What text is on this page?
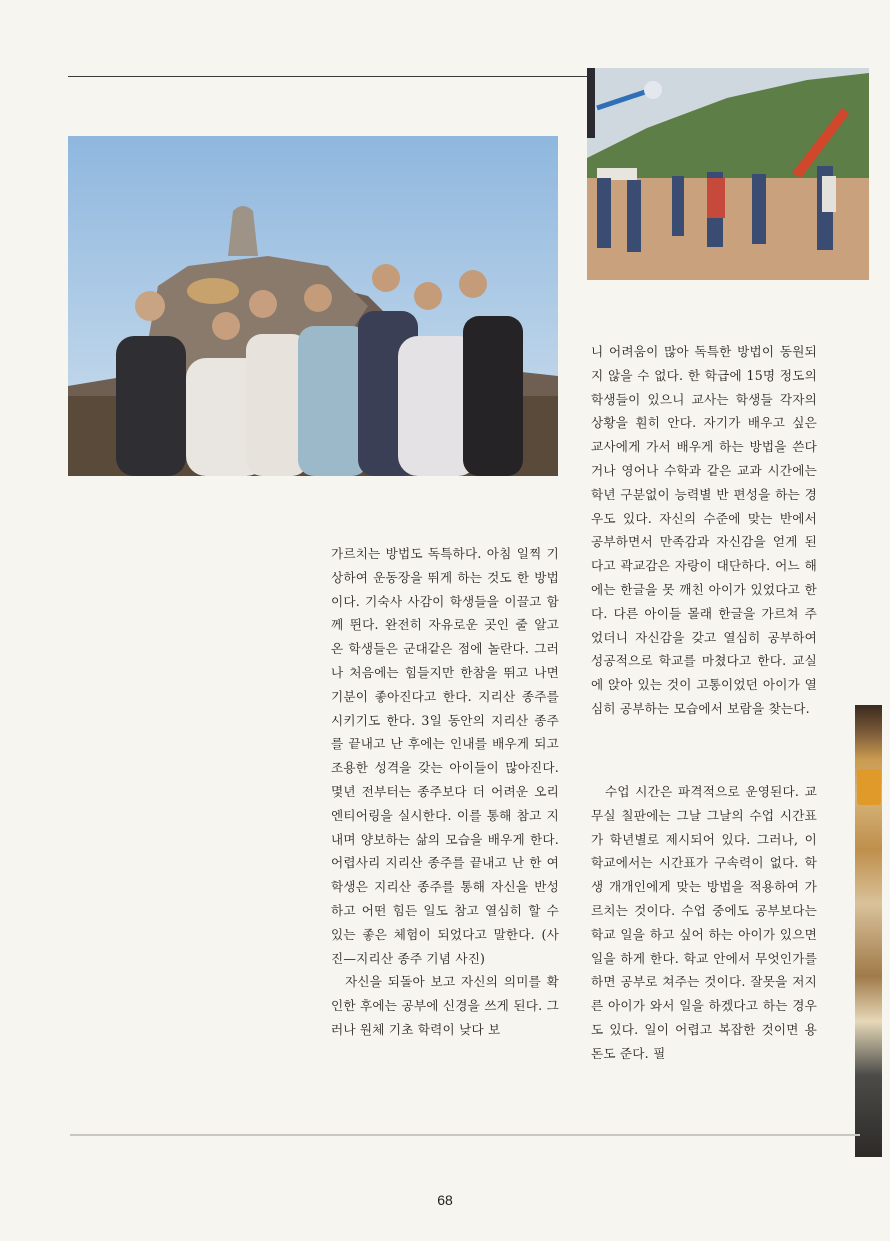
가르치는 방법도 독특하다. 아침 일찍 기상하여 운동장을 뛰게 하는 것도 한 방법이다. 기숙사 사감이 학생들을 이끌고 함께 뛴다. 완전히 자유로운 곳인 줄 알고 온 학생들은 군대같은 점에 놀란다. 그러나 처음에는 힘들지만 한참을 뛰고 나면 기분이 좋아진다고 한다. 지리산 종주를 시키기도 한다. 3일 동안의 지리산 종주를 끝내고 난 후에는 인내를 배우게 되고 조용한 성격을 갖는 아이들이 많아진다. 몇년 전부터는 종주보다 더 어려운 오리엔티어링을 실시한다. 이를 통해 참고 지내며 양보하는 삶의 모습을 배우게 한다. 어렵사리 지리산 종주를 끝내고 난 한 여학생은 지리산 종주를 통해 자신을 반성하고 어떤 힘든 일도 참고 열심히 할 수 있는 좋은 체험이 되었다고 말한다. (사진—지리산 종주 기념 사진)

자신을 되돌아 보고 자신의 의미를 확인한 후에는 공부에 신경을 쓰게 된다. 그러나 원체 기초 학력이 낮다 보

니 어려움이 많아 독특한 방법이 동원되지 않을 수 없다. 한 학급에 15명 정도의 학생들이 있으니 교사는 학생들 각자의 상황을 훤히 안다. 자기가 배우고 싶은 교사에게 가서 배우게 하는 방법을 쓴다거나 영어나 수학과 같은 교과 시간에는 학년 구분없이 능력별 반 편성을 하는 경우도 있다. 자신의 수준에 맞는 반에서 공부하면서 만족감과 자신감을 얻게 된다고 곽교감은 자랑이 대단하다. 어느 해에는 한글을 못 깨친 아이가 있었다고 한다. 다른 아이들 몰래 한글을 가르쳐 주었더니 자신감을 갖고 열심히 공부하여 성공적으로 학교를 마쳤다고 한다. 교실에 앉아 있는 것이 고통이었던 아이가 열심히 공부하는 모습에서 보람을 찾는다.

수업 시간은 파격적으로 운영된다. 교무실 칠판에는 그날 그날의 수업 시간표가 학년별로 제시되어 있다. 그러나, 이 학교에서는 시간표가 구속력이 없다. 학생 개개인에게 맞는 방법을 적용하여 가르치는 것이다. 수업 중에도 공부보다는 학교 일을 하고 싶어 하는 아이가 있으면 일을 하게 한다. 학교 안에서 무엇인가를 하면 공부로 쳐주는 것이다. 잘못을 저지른 아이가 와서 일을 하겠다고 하는 경우도 있다. 일이 어렵고 복잡한 것이면 용돈도 준다. 필

68
